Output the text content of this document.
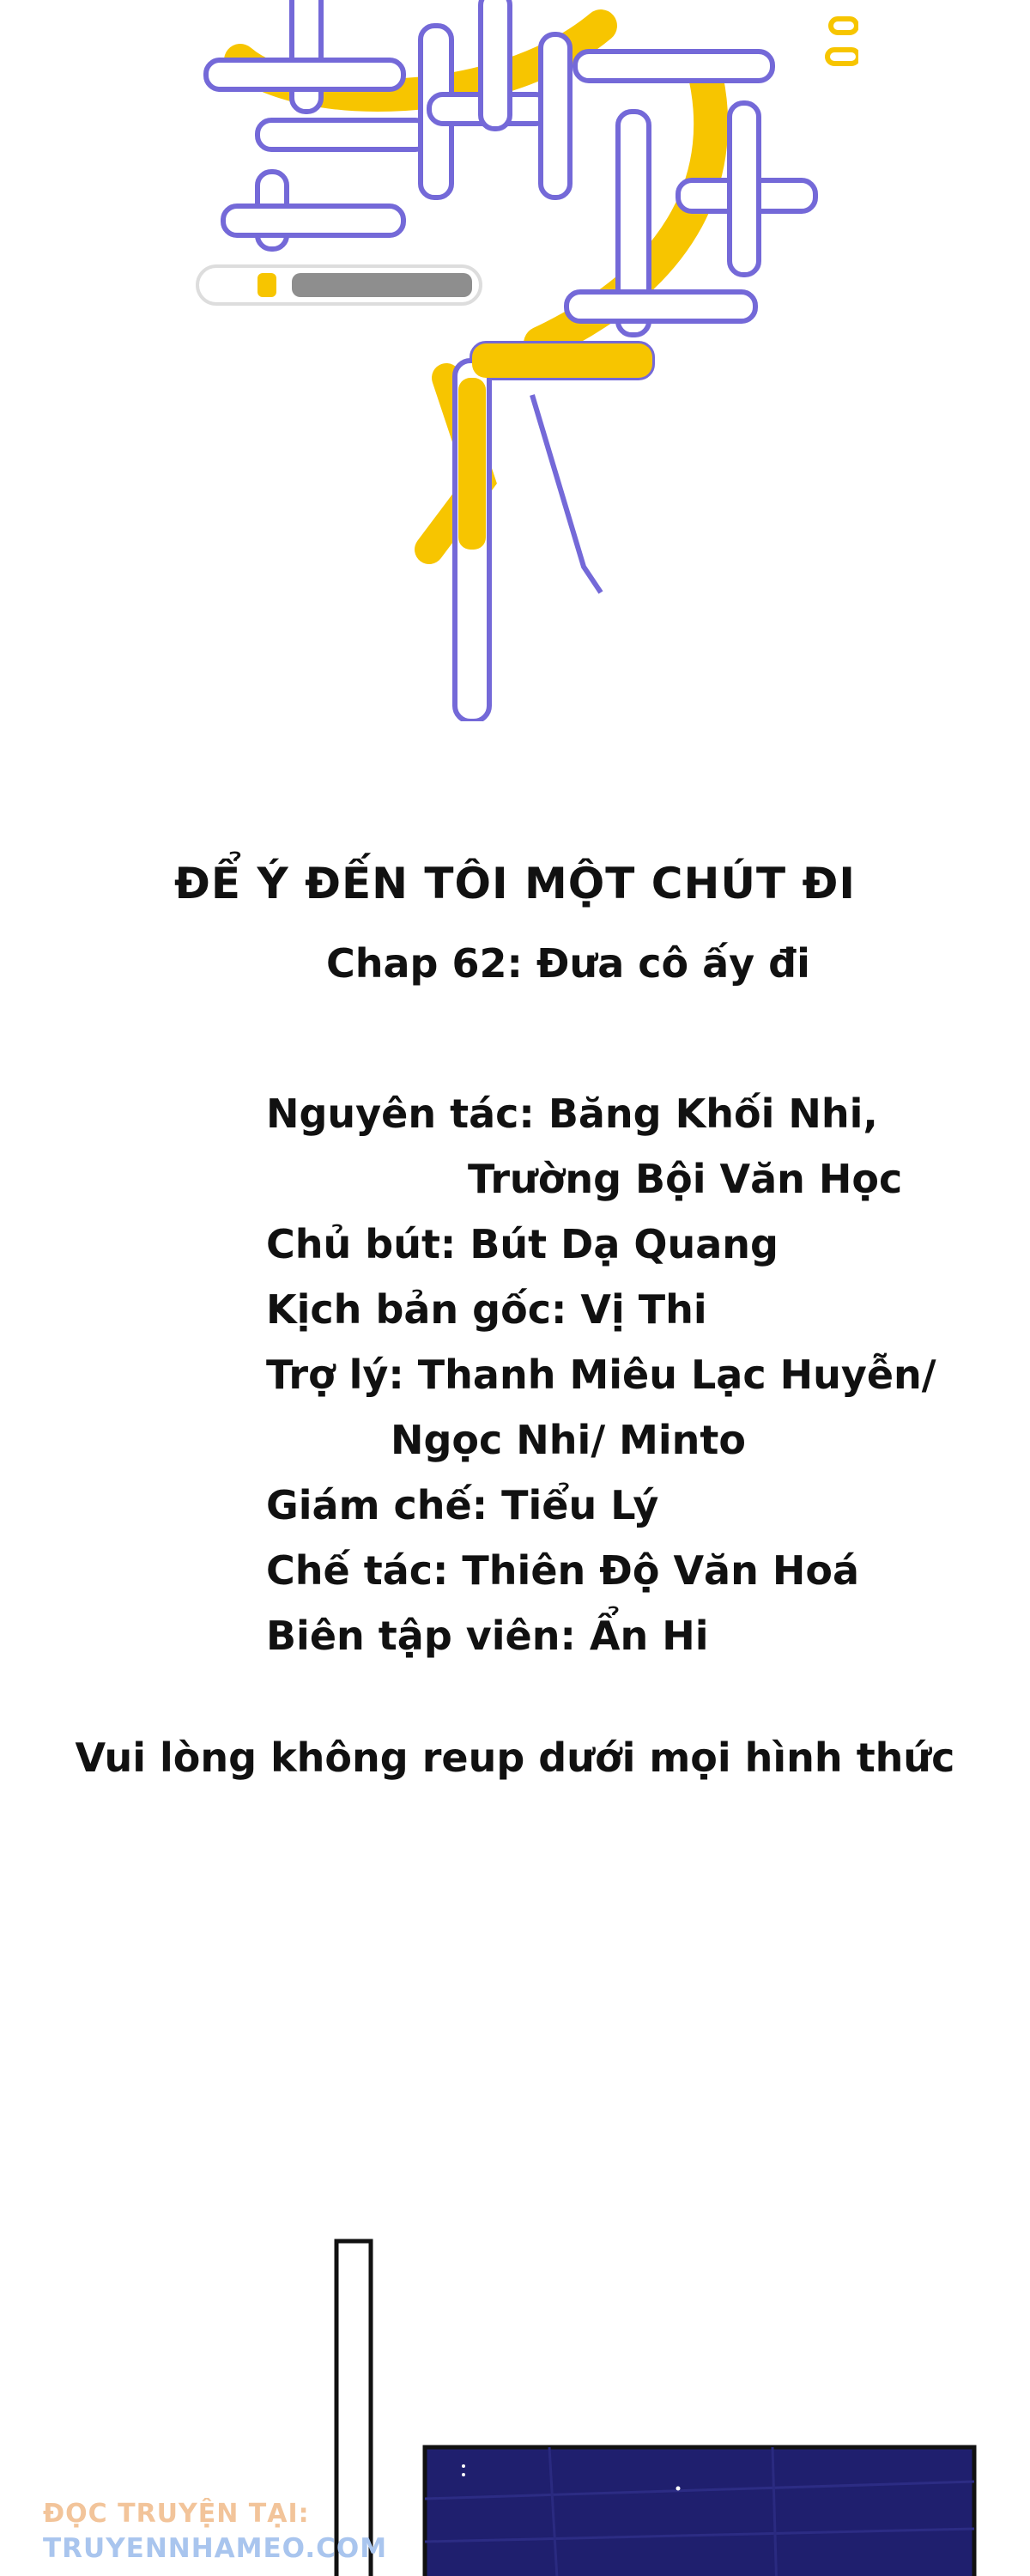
ĐỂ Ý ĐẾN TÔI MỘT CHÚT ĐI
Chap 62: Đưa cô ấy đi
Nguyên tác: Băng Khối Nhi,
Trường Bội Văn Học
Chủ bút: Bút Dạ Quang
Kịch bản gốc: Vị Thi
Trợ lý: Thanh Miêu Lạc Huyễn/
Ngọc Nhi/ Minto
Giám chế: Tiểu Lý
Chế tác: Thiên Độ Văn Hoá
Biên tập viên: Ẩn Hi
Vui lòng không reup dưới mọi hình thức
ĐỌC TRUYỆN TẠI:
TRUYENNHAMEO.COM
